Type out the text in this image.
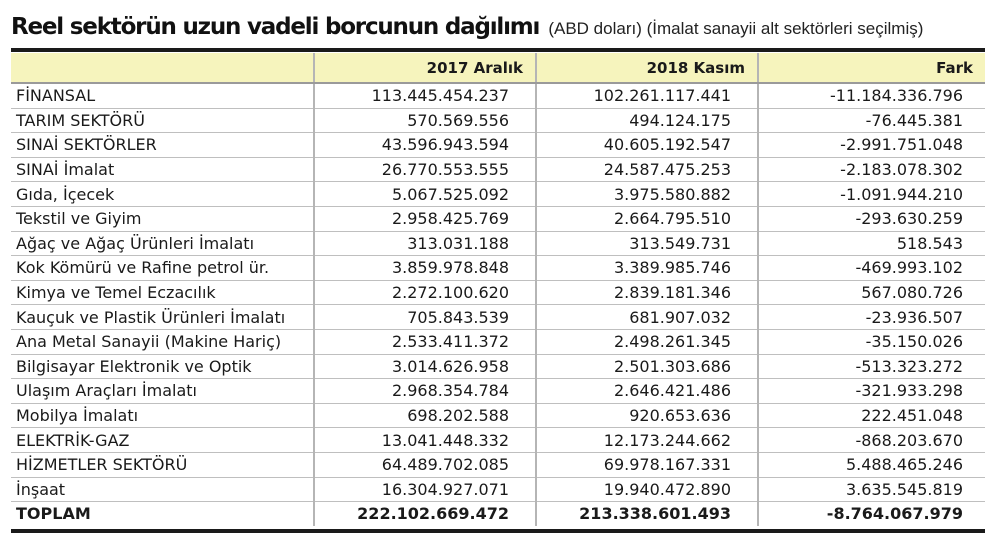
Reel sektörün uzun vadeli borcunun dağılımı (ABD doları) (İmalat sanayii alt sektörleri seçilmiş)
	2017 Aralık	2018 Kasım	Fark
FİNANSAL	113.445.454.237	102.261.117.441	-11.184.336.796
TARIM SEKTÖRÜ	570.569.556	494.124.175	-76.445.381
SINAİ SEKTÖRLER	43.596.943.594	40.605.192.547	-2.991.751.048
SINAİ İmalat	26.770.553.555	24.587.475.253	-2.183.078.302
Gıda, İçecek	5.067.525.092	3.975.580.882	-1.091.944.210
Tekstil ve Giyim	2.958.425.769	2.664.795.510	-293.630.259
Ağaç ve Ağaç Ürünleri İmalatı	313.031.188	313.549.731	518.543
Kok Kömürü ve Rafine petrol ür.	3.859.978.848	3.389.985.746	-469.993.102
Kimya ve Temel Eczacılık	2.272.100.620	2.839.181.346	567.080.726
Kauçuk ve Plastik Ürünleri İmalatı	705.843.539	681.907.032	-23.936.507
Ana Metal Sanayii (Makine Hariç)	2.533.411.372	2.498.261.345	-35.150.026
Bilgisayar Elektronik ve Optik	3.014.626.958	2.501.303.686	-513.323.272
Ulaşım Araçları İmalatı	2.968.354.784	2.646.421.486	-321.933.298
Mobilya İmalatı	698.202.588	920.653.636	222.451.048
ELEKTRİK-GAZ	13.041.448.332	12.173.244.662	-868.203.670
HİZMETLER SEKTÖRÜ	64.489.702.085	69.978.167.331	5.488.465.246
İnşaat	16.304.927.071	19.940.472.890	3.635.545.819
TOPLAM	222.102.669.472	213.338.601.493	-8.764.067.979
